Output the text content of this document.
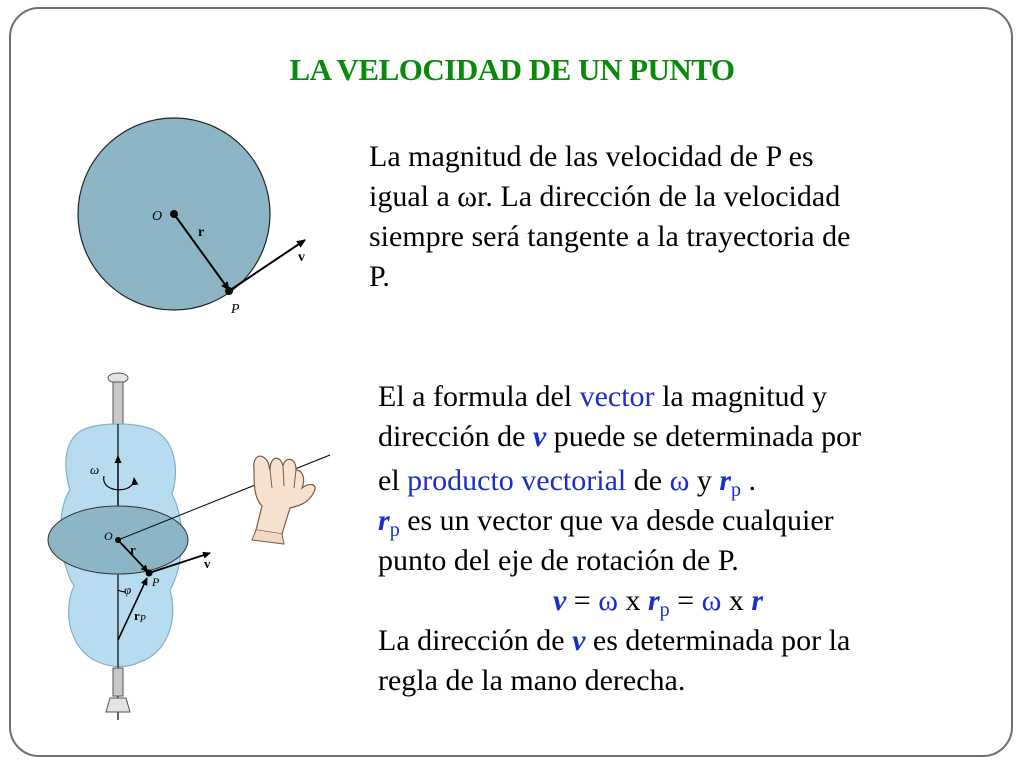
LA VELOCIDAD DE UN PUNTO
La magnitud de las velocidad de P es
igual a ωr. La dirección de la velocidad
siempre será tangente a la trayectoria de
P.
El a formula del vector la magnitud y
dirección de v puede se determinada por
el producto vectorial de ω y $r_p$ .
$r_p$ es un vector que va desde cualquier
punto del eje de rotación de P.
v = ω x $r_p = \omega$ x r
La dirección de v es determinada por la
regla de la mano derecha.
O
r
v
P
ω
O
r
v
P
φ
rP
